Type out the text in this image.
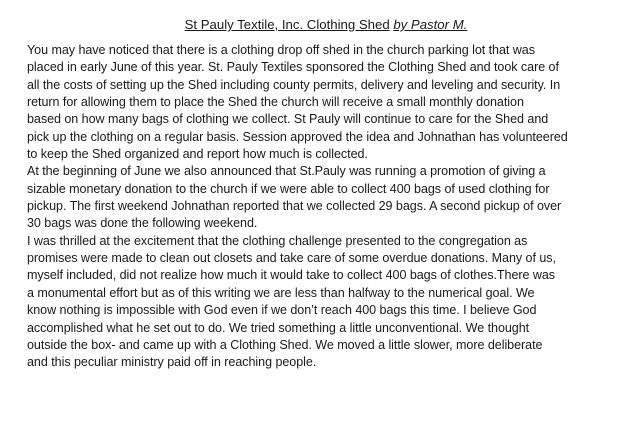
St Pauly Textile, Inc. Clothing Shed by Pastor M.

You may have noticed that there is a clothing drop off shed in the church parking lot that was
placed in early June of this year. St. Pauly Textiles sponsored the Clothing Shed and took care of
all the costs of setting up the Shed including county permits, delivery and leveling and security. In
return for allowing them to place the Shed the church will receive a small monthly donation
based on how many bags of clothing we collect. St Pauly will continue to care for the Shed and
pick up the clothing on a regular basis. Session approved the idea and Johnathan has volunteered
to keep the Shed organized and report how much is collected.

At the beginning of June we also announced that St.Pauly was running a promotion of giving a
sizable monetary donation to the church if we were able to collect 400 bags of used clothing for
pickup. The first weekend Johnathan reported that we collected 29 bags. A second pickup of over
30 bags was done the following weekend.

I was thrilled at the excitement that the clothing challenge presented to the congregation as
promises were made to clean out closets and take care of some overdue donations. Many of us,
myself included, did not realize how much it would take to collect 400 bags of clothes.There was
a monumental effort but as of this writing we are less than halfway to the numerical goal. We
know nothing is impossible with God even if we don’t reach 400 bags this time. I believe God
accomplished what he set out to do. We tried something a little unconventional. We thought
outside the box- and came up with a Clothing Shed. We moved a little slower, more deliberate
and this peculiar ministry paid off in reaching people.
